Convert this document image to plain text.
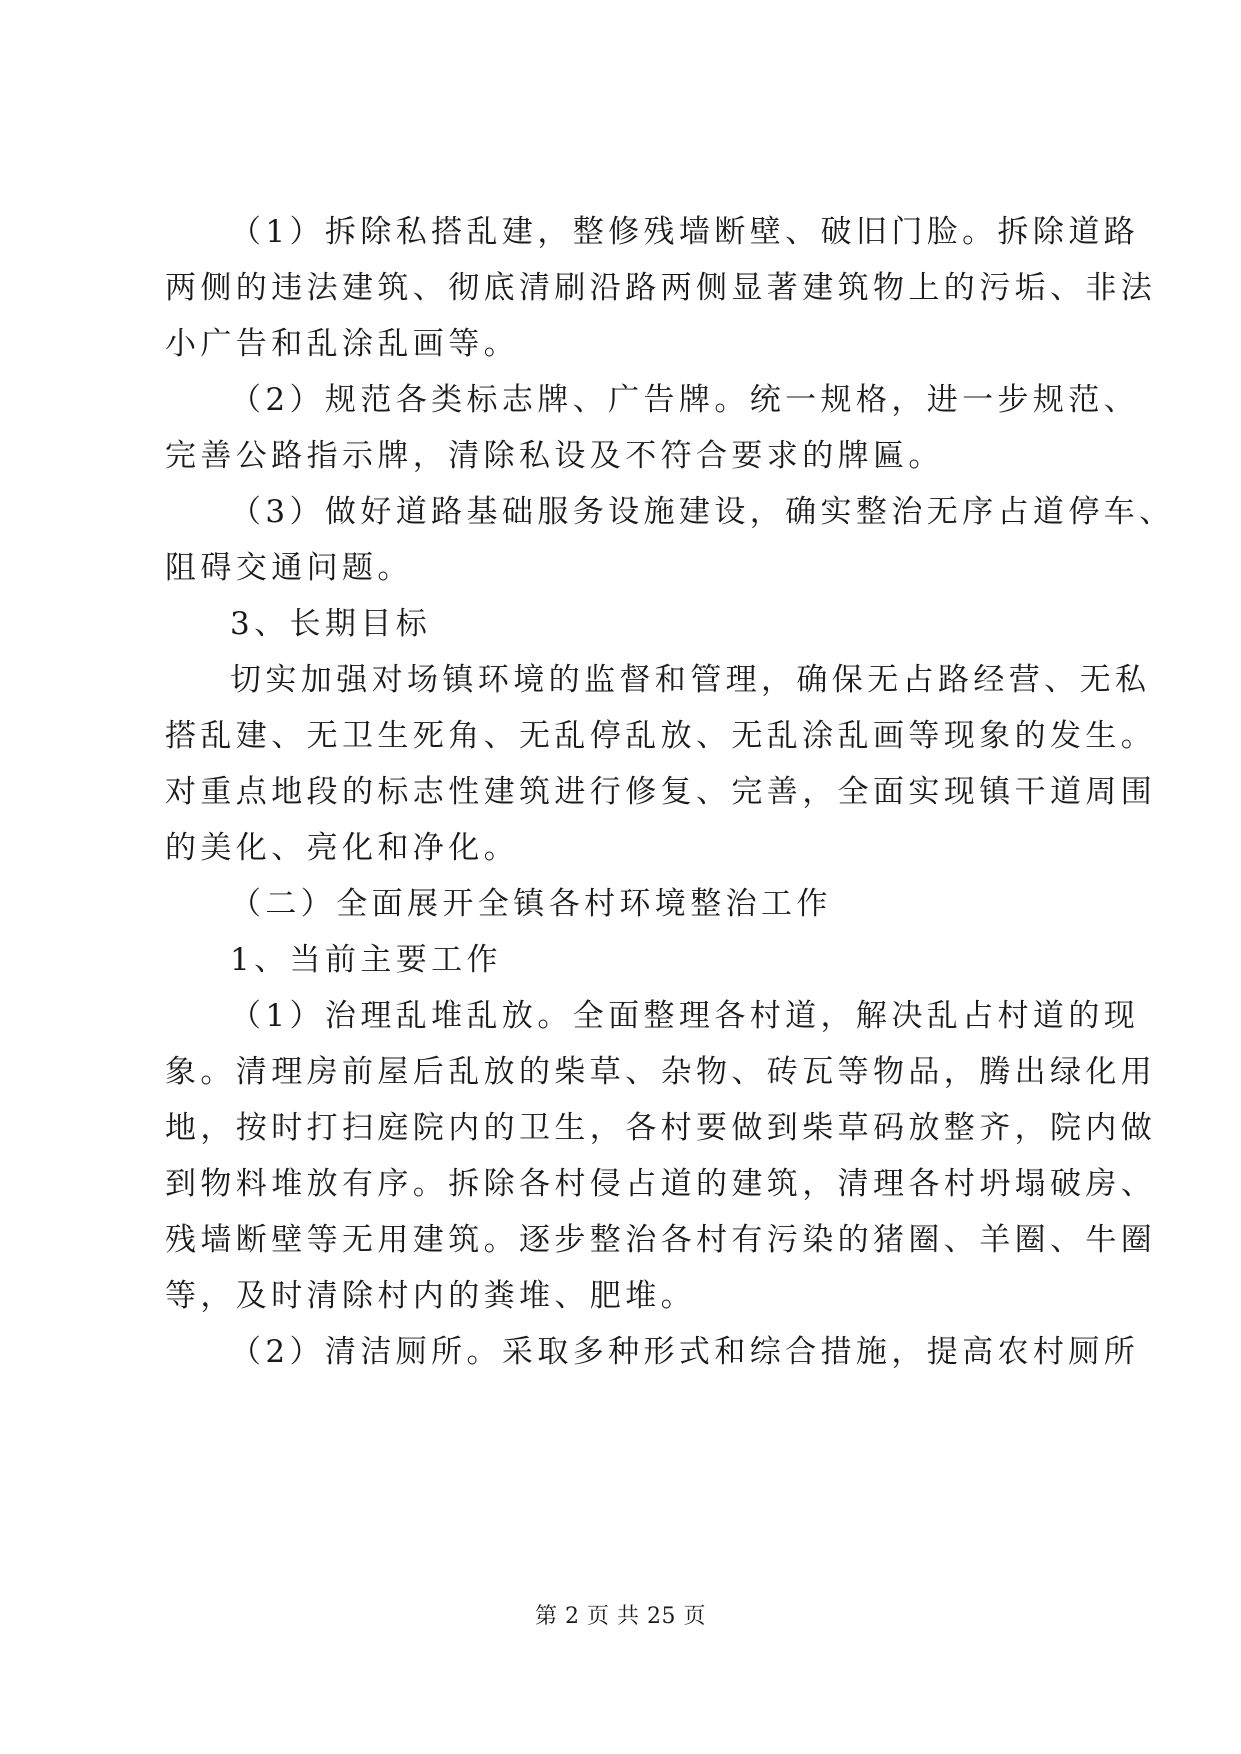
（1）拆除私搭乱建，整修残墙断壁、破旧门脸。拆除道路
两侧的违法建筑、彻底清刷沿路两侧显著建筑物上的污垢、非法
小广告和乱涂乱画等。
（2）规范各类标志牌、广告牌。统一规格，进一步规范、
完善公路指示牌，清除私设及不符合要求的牌匾。
（3）做好道路基础服务设施建设，确实整治无序占道停车、
阻碍交通问题。
3、长期目标
切实加强对场镇环境的监督和管理，确保无占路经营、无私
搭乱建、无卫生死角、无乱停乱放、无乱涂乱画等现象的发生。
对重点地段的标志性建筑进行修复、完善，全面实现镇干道周围
的美化、亮化和净化。
（二）全面展开全镇各村环境整治工作
1、当前主要工作
（1）治理乱堆乱放。全面整理各村道，解决乱占村道的现
象。清理房前屋后乱放的柴草、杂物、砖瓦等物品，腾出绿化用
地，按时打扫庭院内的卫生，各村要做到柴草码放整齐，院内做
到物料堆放有序。拆除各村侵占道的建筑，清理各村坍塌破房、
残墙断壁等无用建筑。逐步整治各村有污染的猪圈、羊圈、牛圈
等，及时清除村内的粪堆、肥堆。
（2）清洁厕所。采取多种形式和综合措施，提高农村厕所
第 2 页 共 25 页
